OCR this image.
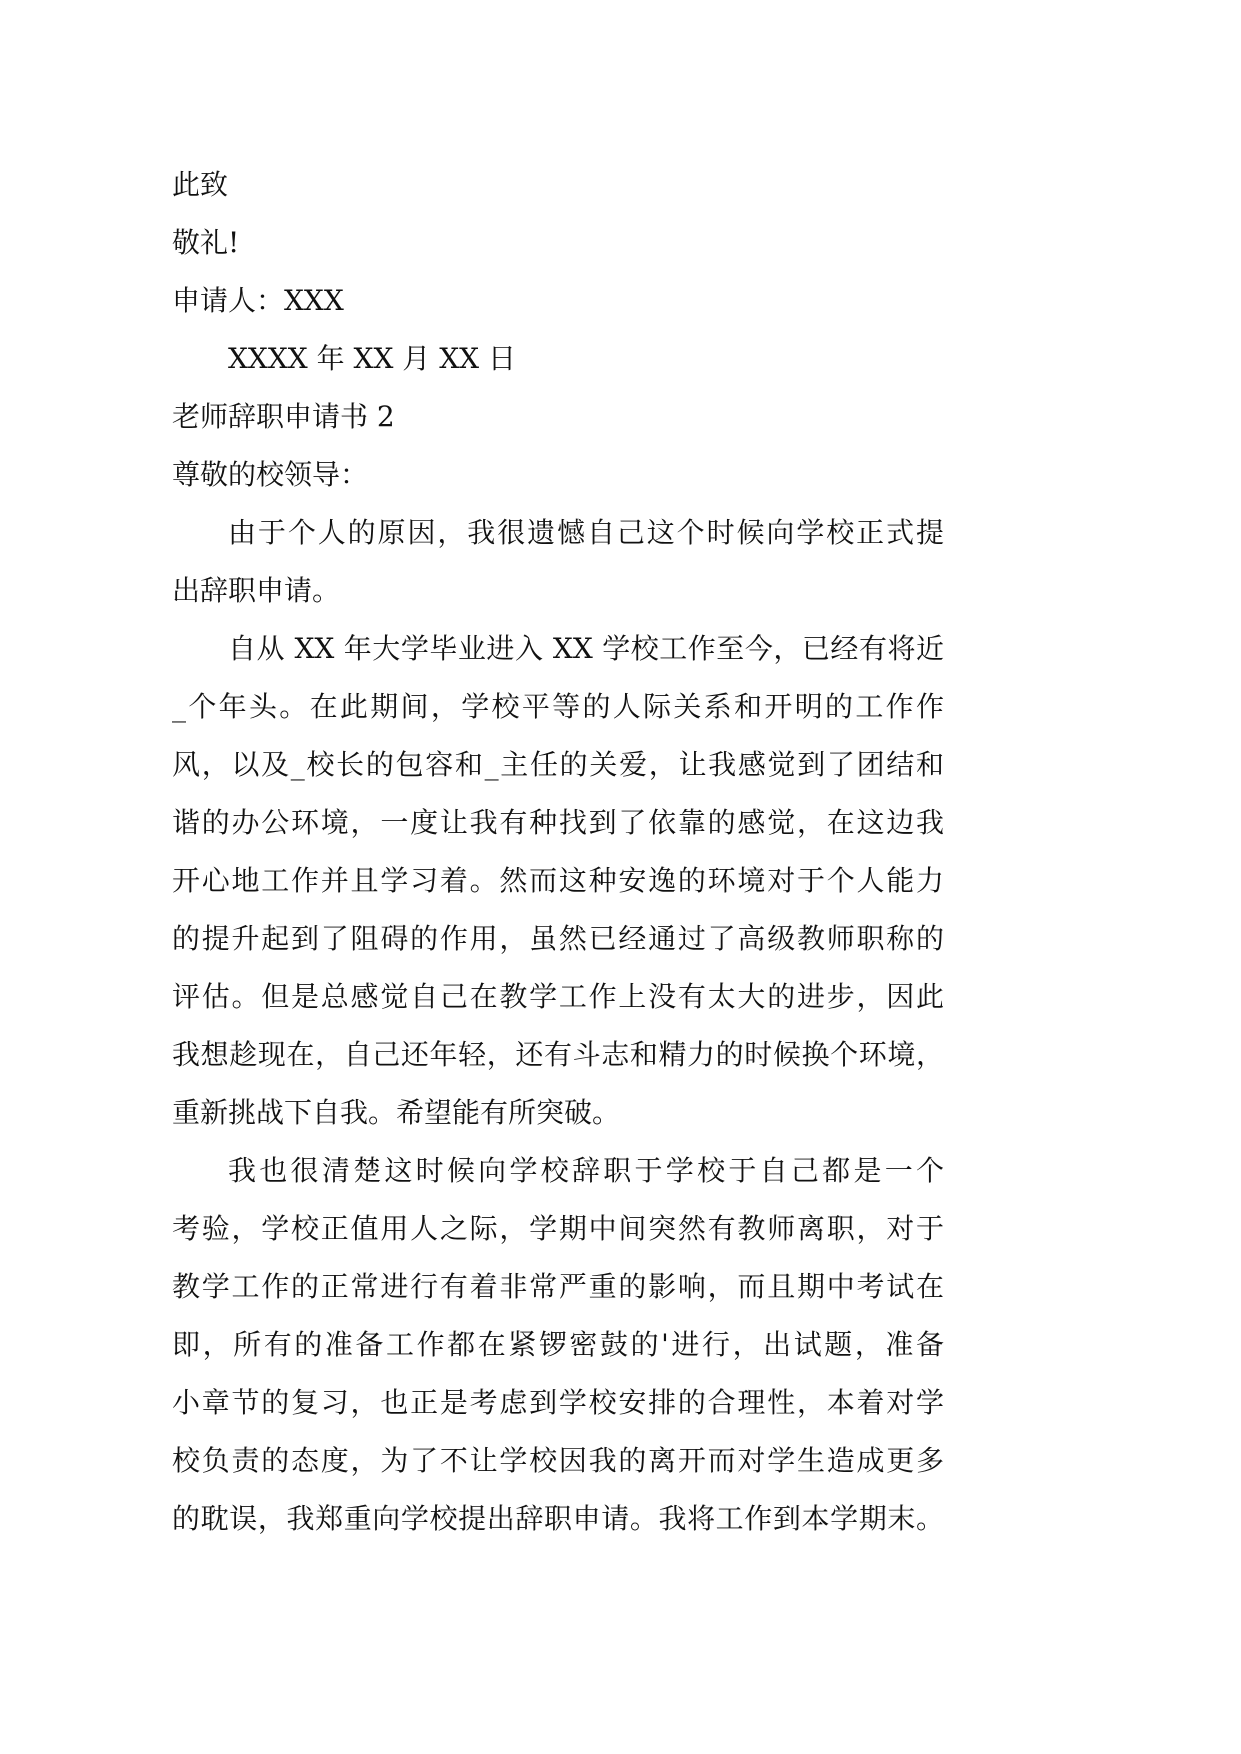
此致
敬礼!
申请人：XXX
XXXX 年 XX 月 XX 日
老师辞职申请书 2
尊敬的校领导：
由于个人的原因，我很遗憾自己这个时候向学校正式提
出辞职申请。
自从 XX 年大学毕业进入 XX 学校工作至今，已经有将近
_个年头。在此期间，学校平等的人际关系和开明的工作作
风，以及_校长的包容和_主任的关爱，让我感觉到了团结和
谐的办公环境，一度让我有种找到了依靠的感觉，在这边我
开心地工作并且学习着。然而这种安逸的环境对于个人能力
的提升起到了阻碍的作用，虽然已经通过了高级教师职称的
评估。但是总感觉自己在教学工作上没有太大的进步，因此
我想趁现在，自己还年轻，还有斗志和精力的时候换个环境，
重新挑战下自我。希望能有所突破。
我也很清楚这时候向学校辞职于学校于自己都是一个
考验，学校正值用人之际，学期中间突然有教师离职，对于
教学工作的正常进行有着非常严重的影响，而且期中考试在
即，所有的准备工作都在紧锣密鼓的'进行，出试题，准备
小章节的复习，也正是考虑到学校安排的合理性，本着对学
校负责的态度，为了不让学校因我的离开而对学生造成更多
的耽误，我郑重向学校提出辞职申请。我将工作到本学期末。
